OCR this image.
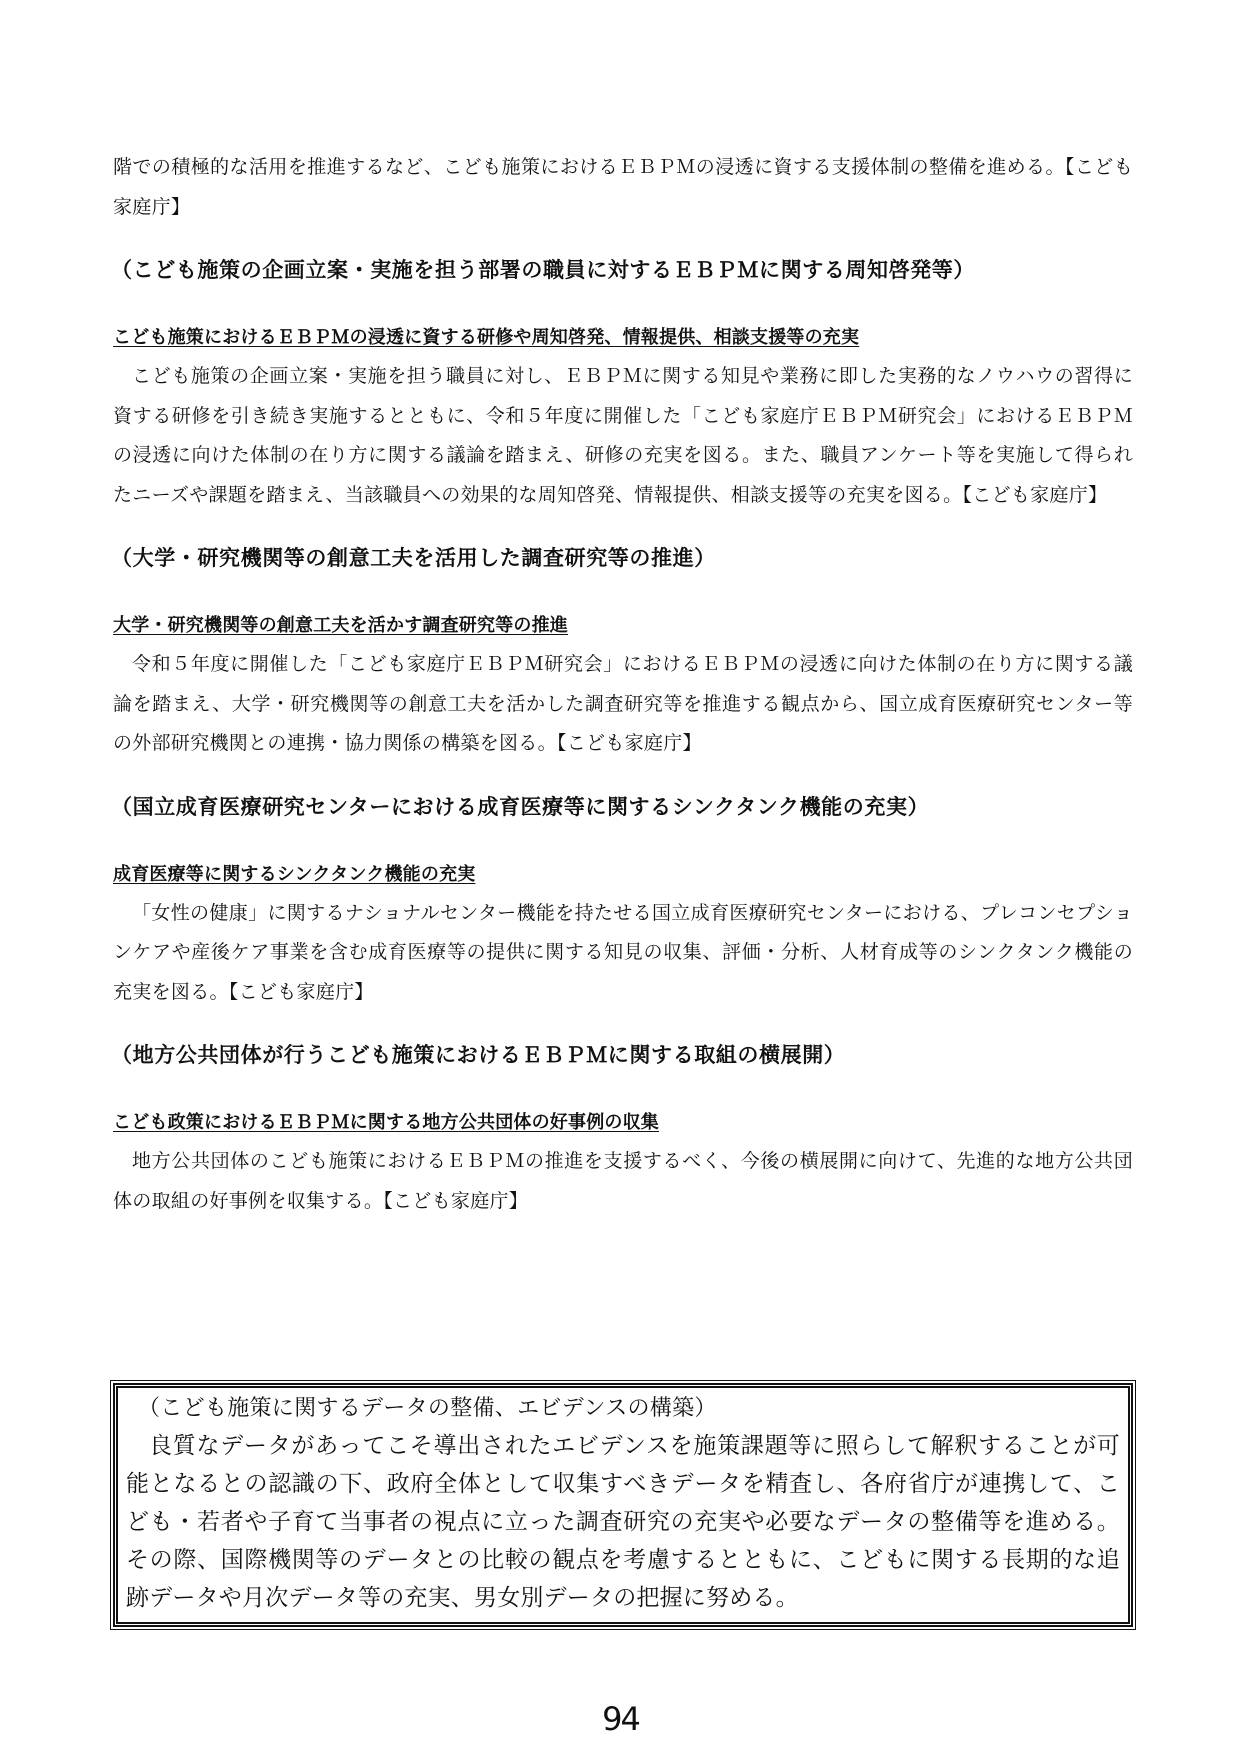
階での積極的な活用を推進するなど、こども施策におけるＥＢＰＭの浸透に資する支援体制の整備を進める。【こども家庭庁】

（こども施策の企画立案・実施を担う部署の職員に対するＥＢＰＭに関する周知啓発等）

こども施策におけるＥＢＰＭの浸透に資する研修や周知啓発、情報提供、相談支援等の充実

こども施策の企画立案・実施を担う職員に対し、ＥＢＰＭに関する知見や業務に即した実務的なノウハウの習得に資する研修を引き続き実施するとともに、令和５年度に開催した「こども家庭庁ＥＢＰＭ研究会」におけるＥＢＰＭの浸透に向けた体制の在り方に関する議論を踏まえ、研修の充実を図る。また、職員アンケート等を実施して得られたニーズや課題を踏まえ、当該職員への効果的な周知啓発、情報提供、相談支援等の充実を図る。【こども家庭庁】

（大学・研究機関等の創意工夫を活用した調査研究等の推進）

大学・研究機関等の創意工夫を活かす調査研究等の推進

令和５年度に開催した「こども家庭庁ＥＢＰＭ研究会」におけるＥＢＰＭの浸透に向けた体制の在り方に関する議論を踏まえ、大学・研究機関等の創意工夫を活かした調査研究等を推進する観点から、国立成育医療研究センター等の外部研究機関との連携・協力関係の構築を図る。【こども家庭庁】

（国立成育医療研究センターにおける成育医療等に関するシンクタンク機能の充実）

成育医療等に関するシンクタンク機能の充実

「女性の健康」に関するナショナルセンター機能を持たせる国立成育医療研究センターにおける、プレコンセプションケアや産後ケア事業を含む成育医療等の提供に関する知見の収集、評価・分析、人材育成等のシンクタンク機能の充実を図る。【こども家庭庁】

（地方公共団体が行うこども施策におけるＥＢＰＭに関する取組の横展開）

こども政策におけるＥＢＰＭに関する地方公共団体の好事例の収集

地方公共団体のこども施策におけるＥＢＰＭの推進を支援するべく、今後の横展開に向けて、先進的な地方公共団体の取組の好事例を収集する。【こども家庭庁】

（こども施策に関するデータの整備、エビデンスの構築）

良質なデータがあってこそ導出されたエビデンスを施策課題等に照らして解釈することが可能となるとの認識の下、政府全体として収集すべきデータを精査し、各府省庁が連携して、こども・若者や子育て当事者の視点に立った調査研究の充実や必要なデータの整備等を進める。その際、国際機関等のデータとの比較の観点を考慮するとともに、こどもに関する長期的な追跡データや月次データ等の充実、男女別データの把握に努める。

94
